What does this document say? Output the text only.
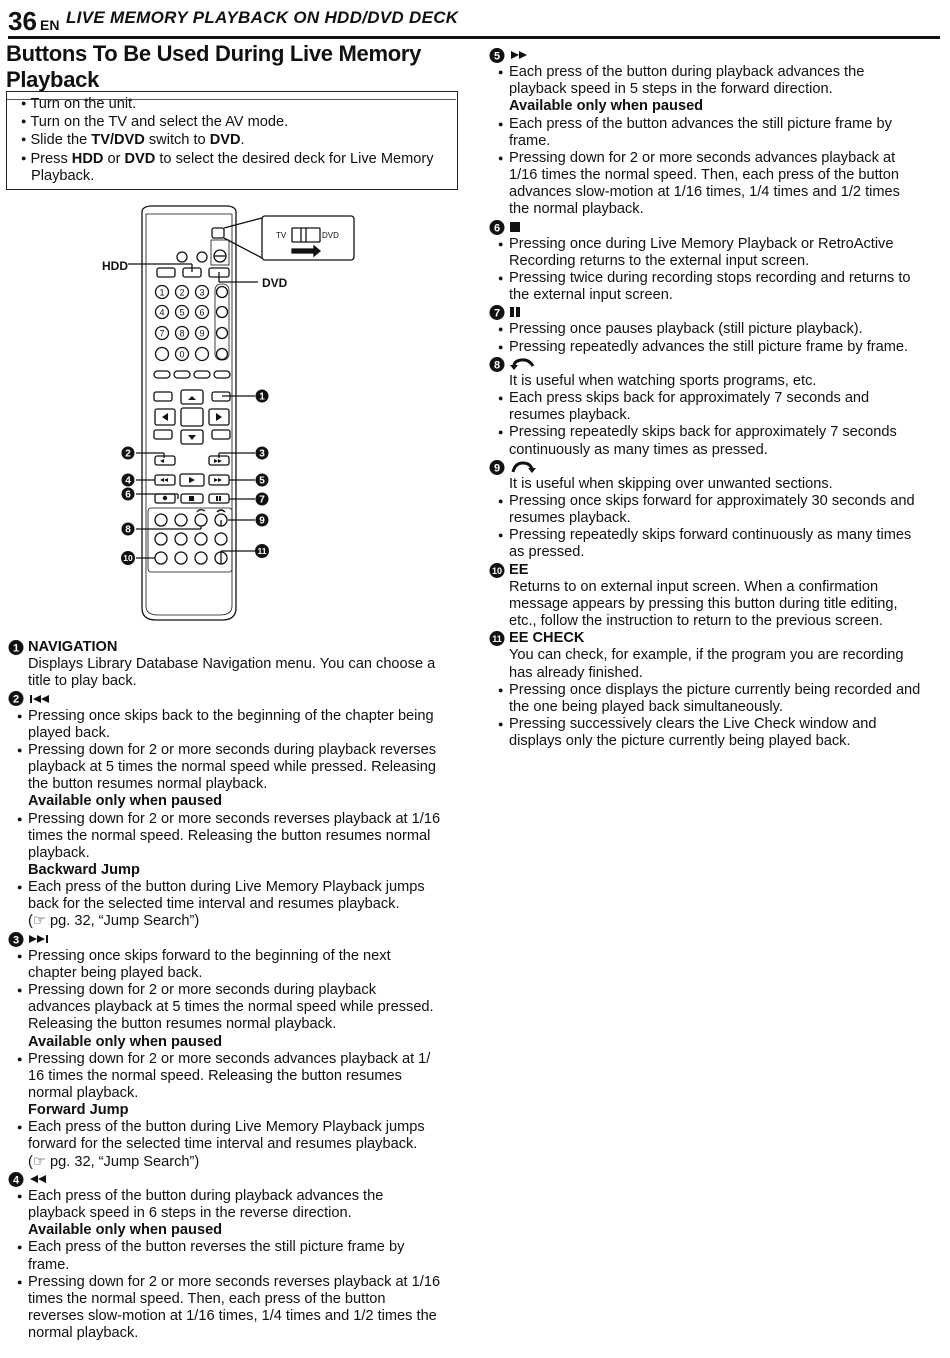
36 EN LIVE MEMORY PLAYBACK ON HDD/DVD DECK
Buttons To Be Used During Live Memory Playback
● Turn on the unit.
● Turn on the TV and select the AV mode.
● Slide the TV/DVD switch to DVD.
● Press HDD or DVD to select the desired deck for Live Memory Playback.
1 2 3
4 5 6
7 8 9
0
TV	DVD
HDD
DVD
1
2	3
4	5
6	7
8
9
10
11
1 NAVIGATION
Displays Library Database Navigation menu. You can choose a
title to play back.
2
● Pressing once skips back to the beginning of the chapter being
played back.
● Pressing down for 2 or more seconds during playback reverses
playback at 5 times the normal speed while pressed. Releasing
the button resumes normal playback.
Available only when paused
● Pressing down for 2 or more seconds reverses playback at 1/16
times the normal speed. Releasing the button resumes normal
playback.
Backward Jump
● Each press of the button during Live Memory Playback jumps
back for the selected time interval and resumes playback.
(☞ pg. 32, “Jump Search”)
3
● Pressing once skips forward to the beginning of the next
chapter being played back.
● Pressing down for 2 or more seconds during playback
advances playback at 5 times the normal speed while pressed.
Releasing the button resumes normal playback.
Available only when paused
● Pressing down for 2 or more seconds advances playback at 1/
16 times the normal speed. Releasing the button resumes
normal playback.
Forward Jump
● Each press of the button during Live Memory Playback jumps
forward for the selected time interval and resumes playback.
(☞ pg. 32, “Jump Search”)
4
● Each press of the button during playback advances the
playback speed in 6 steps in the reverse direction.
Available only when paused
● Each press of the button reverses the still picture frame by
frame.
● Pressing down for 2 or more seconds reverses playback at 1/16
times the normal speed. Then, each press of the button
reverses slow-motion at 1/16 times, 1/4 times and 1/2 times the
normal playback.
5
● Each press of the button during playback advances the
playback speed in 5 steps in the forward direction.
Available only when paused
● Each press of the button advances the still picture frame by
frame.
● Pressing down for 2 or more seconds advances playback at
1/16 times the normal speed. Then, each press of the button
advances slow-motion at 1/16 times, 1/4 times and 1/2 times
the normal playback.
6
● Pressing once during Live Memory Playback or RetroActive
Recording returns to the external input screen.
● Pressing twice during recording stops recording and returns to
the external input screen.
7
● Pressing once pauses playback (still picture playback).
● Pressing repeatedly advances the still picture frame by frame.
8
It is useful when watching sports programs, etc.
● Each press skips back for approximately 7 seconds and
resumes playback.
● Pressing repeatedly skips back for approximately 7 seconds
continuously as many times as pressed.
9
It is useful when skipping over unwanted sections.
● Pressing once skips forward for approximately 30 seconds and
resumes playback.
● Pressing repeatedly skips forward continuously as many times
as pressed.
10 EE
Returns to on external input screen. When a confirmation
message appears by pressing this button during title editing,
etc., follow the instruction to return to the previous screen.
11 EE CHECK
You can check, for example, if the program you are recording
has already finished.
● Pressing once displays the picture currently being recorded and
the one being played back simultaneously.
● Pressing successively clears the Live Check window and
displays only the picture currently being played back.
